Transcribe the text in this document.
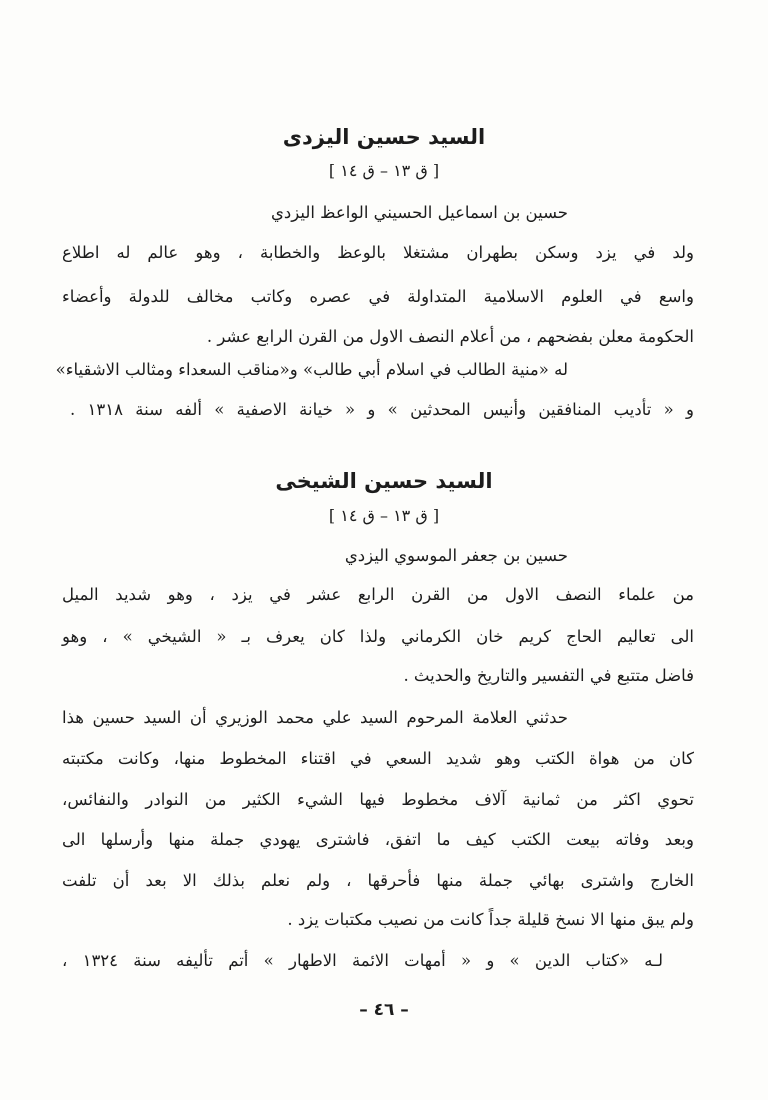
السيد حسين اليزدى
[ ق ١٣ – ق ١٤ ]

حسين بن اسماعيل الحسيني الواعظ اليزدي

ولد في يزد وسكن بطهران مشتغلا بالوعظ والخطابة ، وهو عالم له اطلاع

واسع في العلوم الاسلامية المتداولة في عصره وكاتب مخالف للدولة وأعضاء

الحكومة معلن بفضحهم ، من أعلام النصف الاول من القرن الرابع عشر .

له «منية الطالب في اسلام أبي طالب» و«مناقب السعداء ومثالب الاشقياء»

و « تأديب المنافقين وأنيس المحدثين » و « خيانة الاصفية » ألفه سنة ١٣١٨ .

السيد حسين الشيخى
[ ق ١٣ – ق ١٤ ]

حسين بن جعفر الموسوي اليزدي

من علماء النصف الاول من القرن الرابع عشر في يزد ، وهو شديد الميل

الى تعاليم الحاج كريم خان الكرماني ولذا كان يعرف بـ « الشيخي » ، وهو

فاضل متتبع في التفسير والتاريخ والحديث .

حدثني العلامة المرحوم السيد علي محمد الوزيري أن السيد حسين هذا

كان من هواة الكتب وهو شديد السعي في اقتناء المخطوط منها، وكانت مكتبته

تحوي اكثر من ثمانية آلاف مخطوط فيها الشيء الكثير من النوادر والنفائس،

وبعد وفاته بيعت الكتب كيف ما اتفق، فاشترى يهودي جملة منها وأرسلها الى

الخارج واشترى بهائي جملة منها فأحرقها ، ولم نعلم بذلك الا بعد أن تلفت

ولم يبق منها الا نسخ قليلة جداً كانت من نصيب مكتبات يزد .

لـه «كتاب الدين » و « أمهات الائمة الاطهار » أتم تأليفه سنة ١٣٢٤ ،

– ٤٦ –
